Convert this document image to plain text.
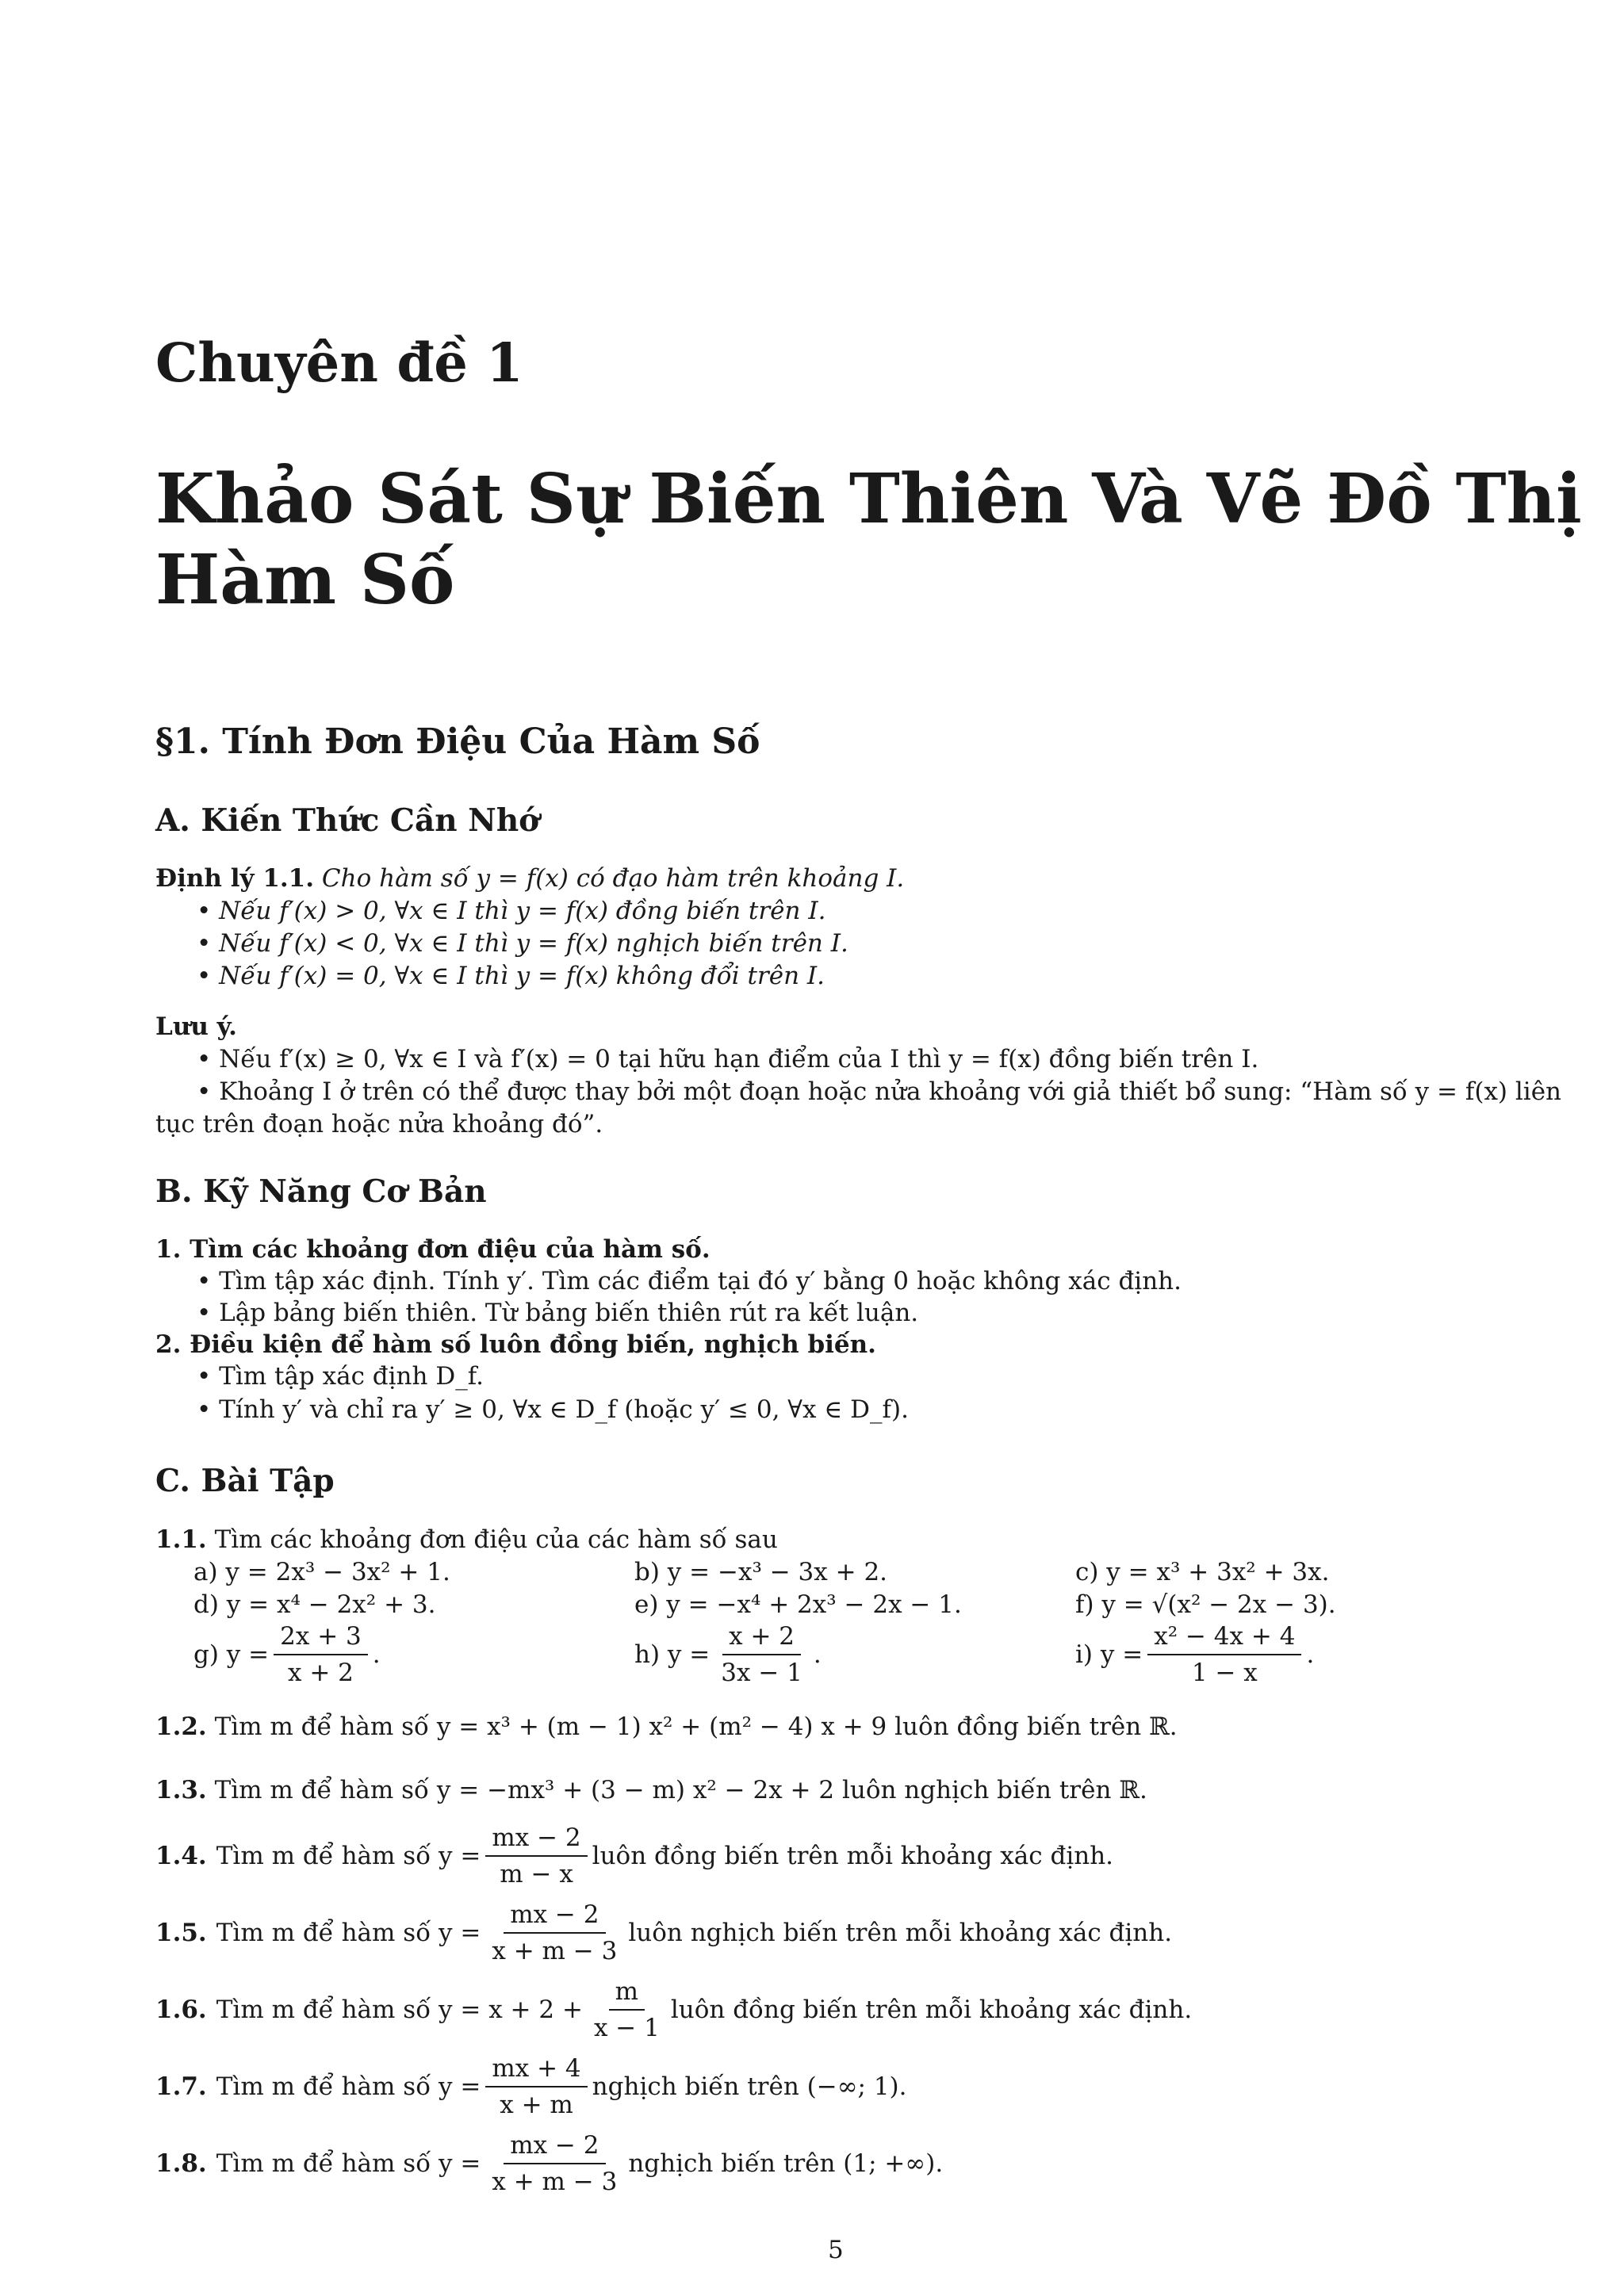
Chuyên đề 1
Khảo Sát Sự Biến Thiên Và Vẽ Đồ Thị
Hàm Số
§1. Tính Đơn Điệu Của Hàm Số
A. Kiến Thức Cần Nhớ
Định lý 1.1. Cho hàm số y = f(x) có đạo hàm trên khoảng I.
• Nếu f′(x) > 0, ∀x ∈ I thì y = f(x) đồng biến trên I.
• Nếu f′(x) < 0, ∀x ∈ I thì y = f(x) nghịch biến trên I.
• Nếu f′(x) = 0, ∀x ∈ I thì y = f(x) không đổi trên I.
Lưu ý.
• Nếu f′(x) ≥ 0, ∀x ∈ I và f′(x) = 0 tại hữu hạn điểm của I thì y = f(x) đồng biến trên I.
• Khoảng I ở trên có thể được thay bởi một đoạn hoặc nửa khoảng với giả thiết bổ sung: “Hàm số y = f(x) liên
tục trên đoạn hoặc nửa khoảng đó”.
B. Kỹ Năng Cơ Bản
1. Tìm các khoảng đơn điệu của hàm số.
• Tìm tập xác định. Tính y′. Tìm các điểm tại đó y′ bằng 0 hoặc không xác định.
• Lập bảng biến thiên. Từ bảng biến thiên rút ra kết luận.
2. Điều kiện để hàm số luôn đồng biến, nghịch biến.
• Tìm tập xác định D_f.
• Tính y′ và chỉ ra y′ ≥ 0, ∀x ∈ D_f (hoặc y′ ≤ 0, ∀x ∈ D_f).
C. Bài Tập
1.1. Tìm các khoảng đơn điệu của các hàm số sau
a) y = 2x³ − 3x² + 1.	b) y = −x³ − 3x + 2.	c) y = x³ + 3x² + 3x.
d) y = x⁴ − 2x² + 3.	e) y = −x⁴ + 2x³ − 2x − 1.	f) y = √(x² − 2x − 3).
g) $y = \frac{2x + 3}{x + 2}$ .	h) $y = \frac{x + 2}{3x - 1}$ .	i) $y = \frac{\text{x² − 4x + 4}}{1 - x}$ .
1.2. Tìm m để hàm số y = x³ + (m − 1) x² + (m² − 4) x + 9 luôn đồng biến trên ℝ.
1.3. Tìm m để hàm số y = −mx³ + (3 − m) x² − 2x + 2 luôn nghịch biến trên ℝ.
1.4. Tìm m để hàm số $y = \frac{mx - 2}{m - x}$ luôn đồng biến trên mỗi khoảng xác định.
1.5. Tìm m để hàm số $y = \frac{mx - 2}{x + m - 3}$ luôn nghịch biến trên mỗi khoảng xác định.
1.6. Tìm m để hàm số $y = x + 2 + \frac{m}{x - 1}$ luôn đồng biến trên mỗi khoảng xác định.
1.7. Tìm m để hàm số $y = \frac{mx + 4}{x + m}$ nghịch biến trên (−∞; 1).
1.8. Tìm m để hàm số $y = \frac{mx - 2}{x + m - 3}$ nghịch biến trên (1; +∞).
5
